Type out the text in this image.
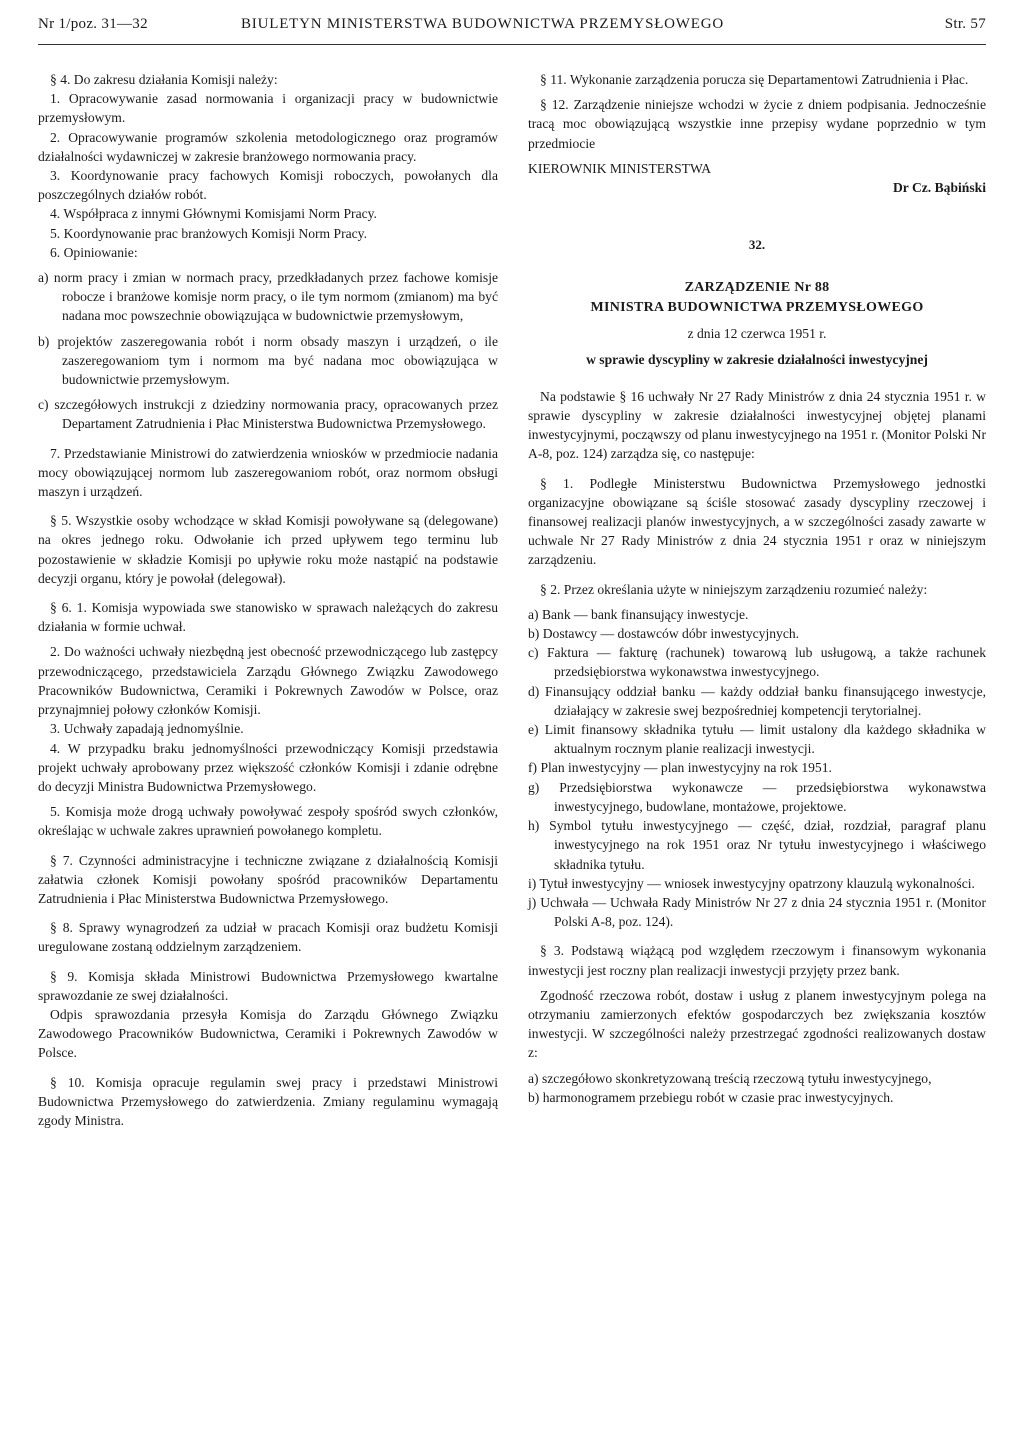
Nr 1/poz. 31—32	BIULETYN MINISTERSTWA BUDOWNICTWA PRZEMYSŁOWEGO	Str. 57

§ 4. Do zakresu działania Komisji należy:

1. Opracowywanie zasad normowania i organizacji pracy w budownictwie przemysłowym.

2. Opracowywanie programów szkolenia metodologicznego oraz programów działalności wydawniczej w zakresie branżowego normowania pracy.

3. Koordynowanie pracy fachowych Komisji roboczych, powołanych dla poszczególnych działów robót.

4. Współpraca z innymi Głównymi Komisjami Norm Pracy.

5. Koordynowanie prac branżowych Komisji Norm Pracy.

6. Opiniowanie:

a) norm pracy i zmian w normach pracy, przedkładanych przez fachowe komisje robocze i branżowe komisje norm pracy, o ile tym normom (zmianom) ma być nadana moc powszechnie obowiązująca w budownictwie przemysłowym,

b) projektów zaszeregowania robót i norm obsady maszyn i urządzeń, o ile zaszeregowaniom tym i normom ma być nadana moc obowiązująca w budownictwie przemysłowym.

c) szczegółowych instrukcji z dziedziny normowania pracy, opracowanych przez Departament Zatrudnienia i Płac Ministerstwa Budownictwa Przemysłowego.

7. Przedstawianie Ministrowi do zatwierdzenia wniosków w przedmiocie nadania mocy obowiązującej normom lub zaszeregowaniom robót, oraz normom obsługi maszyn i urządzeń.

§ 5. Wszystkie osoby wchodzące w skład Komisji powoływane są (delegowane) na okres jednego roku. Odwołanie ich przed upływem tego terminu lub pozostawienie w składzie Komisji po upływie roku może nastąpić na podstawie decyzji organu, który je powołał (delegował).

§ 6. 1. Komisja wypowiada swe stanowisko w sprawach należących do zakresu działania w formie uchwał.

2. Do ważności uchwały niezbędną jest obecność przewodniczącego lub zastępcy przewodniczącego, przedstawiciela Zarządu Głównego Związku Zawodowego Pracowników Budownictwa, Ceramiki i Pokrewnych Zawodów w Polsce, oraz przynajmniej połowy członków Komisji.

3. Uchwały zapadają jednomyślnie.

4. W przypadku braku jednomyślności przewodniczący Komisji przedstawia projekt uchwały aprobowany przez większość członków Komisji i zdanie odrębne do decyzji Ministra Budownictwa Przemysłowego.

5. Komisja może drogą uchwały powoływać zespoły spośród swych członków, określając w uchwale zakres uprawnień powołanego kompletu.

§ 7. Czynności administracyjne i techniczne związane z działalnością Komisji załatwia członek Komisji powołany spośród pracowników Departamentu Zatrudnienia i Płac Ministerstwa Budownictwa Przemysłowego.

§ 8. Sprawy wynagrodzeń za udział w pracach Komisji oraz budżetu Komisji uregulowane zostaną oddzielnym zarządzeniem.

§ 9. Komisja składa Ministrowi Budownictwa Przemysłowego kwartalne sprawozdanie ze swej działalności.

Odpis sprawozdania przesyła Komisja do Zarządu Głównego Związku Zawodowego Pracowników Budownictwa, Ceramiki i Pokrewnych Zawodów w Polsce.

§ 10. Komisja opracuje regulamin swej pracy i przedstawi Ministrowi Budownictwa Przemysłowego do zatwierdzenia. Zmiany regulaminu wymagają zgody Ministra.

§ 11. Wykonanie zarządzenia porucza się Departamentowi Zatrudnienia i Płac.

§ 12. Zarządzenie niniejsze wchodzi w życie z dniem podpisania. Jednocześnie tracą moc obowiązującą wszystkie inne przepisy wydane poprzednio w tym przedmiocie

KIEROWNIK MINISTERSTWA

Dr Cz. Bąbiński

32.

ZARZĄDZENIE Nr 88

MINISTRA BUDOWNICTWA PRZEMYSŁOWEGO

z dnia 12 czerwca 1951 r.

w sprawie dyscypliny w zakresie działalności inwestycyjnej

Na podstawie § 16 uchwały Nr 27 Rady Ministrów z dnia 24 stycznia 1951 r. w sprawie dyscypliny w zakresie działalności inwestycyjnej objętej planami inwestycyjnymi, począwszy od planu inwestycyjnego na 1951 r. (Monitor Polski Nr A-8, poz. 124) zarządza się, co następuje:

§ 1. Podległe Ministerstwu Budownictwa Przemysłowego jednostki organizacyjne obowiązane są ściśle stosować zasady dyscypliny rzeczowej i finansowej realizacji planów inwestycyjnych, a w szczególności zasady zawarte w uchwale Nr 27 Rady Ministrów z dnia 24 stycznia 1951 r oraz w niniejszym zarządzeniu.

§ 2. Przez określania użyte w niniejszym zarządzeniu rozumieć należy:

a) Bank — bank finansujący inwestycje.

b) Dostawcy — dostawców dóbr inwestycyjnych.

c) Faktura — fakturę (rachunek) towarową lub usługową, a także rachunek przedsiębiorstwa wykonawstwa inwestycyjnego.

d) Finansujący oddział banku — każdy oddział banku finansującego inwestycje, działający w zakresie swej bezpośredniej kompetencji terytorialnej.

e) Limit finansowy składnika tytułu — limit ustalony dla każdego składnika w aktualnym rocznym planie realizacji inwestycji.

f) Plan inwestycyjny — plan inwestycyjny na rok 1951.

g) Przedsiębiorstwa wykonawcze — przedsiębiorstwa wykonawstwa inwestycyjnego, budowlane, montażowe, projektowe.

h) Symbol tytułu inwestycyjnego — część, dział, rozdział, paragraf planu inwestycyjnego na rok 1951 oraz Nr tytułu inwestycyjnego i właściwego składnika tytułu.

i) Tytuł inwestycyjny — wniosek inwestycyjny opatrzony klauzulą wykonalności.

j) Uchwała — Uchwała Rady Ministrów Nr 27 z dnia 24 stycznia 1951 r. (Monitor Polski A-8, poz. 124).

§ 3. Podstawą wiążącą pod względem rzeczowym i finansowym wykonania inwestycji jest roczny plan realizacji inwestycji przyjęty przez bank.

Zgodność rzeczowa robót, dostaw i usług z planem inwestycyjnym polega na otrzymaniu zamierzonych efektów gospodarczych bez zwiększania kosztów inwestycji. W szczególności należy przestrzegać zgodności realizowanych dostaw z:

a) szczegółowo skonkretyzowaną treścią rzeczową tytułu inwestycyjnego,

b) harmonogramem przebiegu robót w czasie prac inwestycyjnych.
